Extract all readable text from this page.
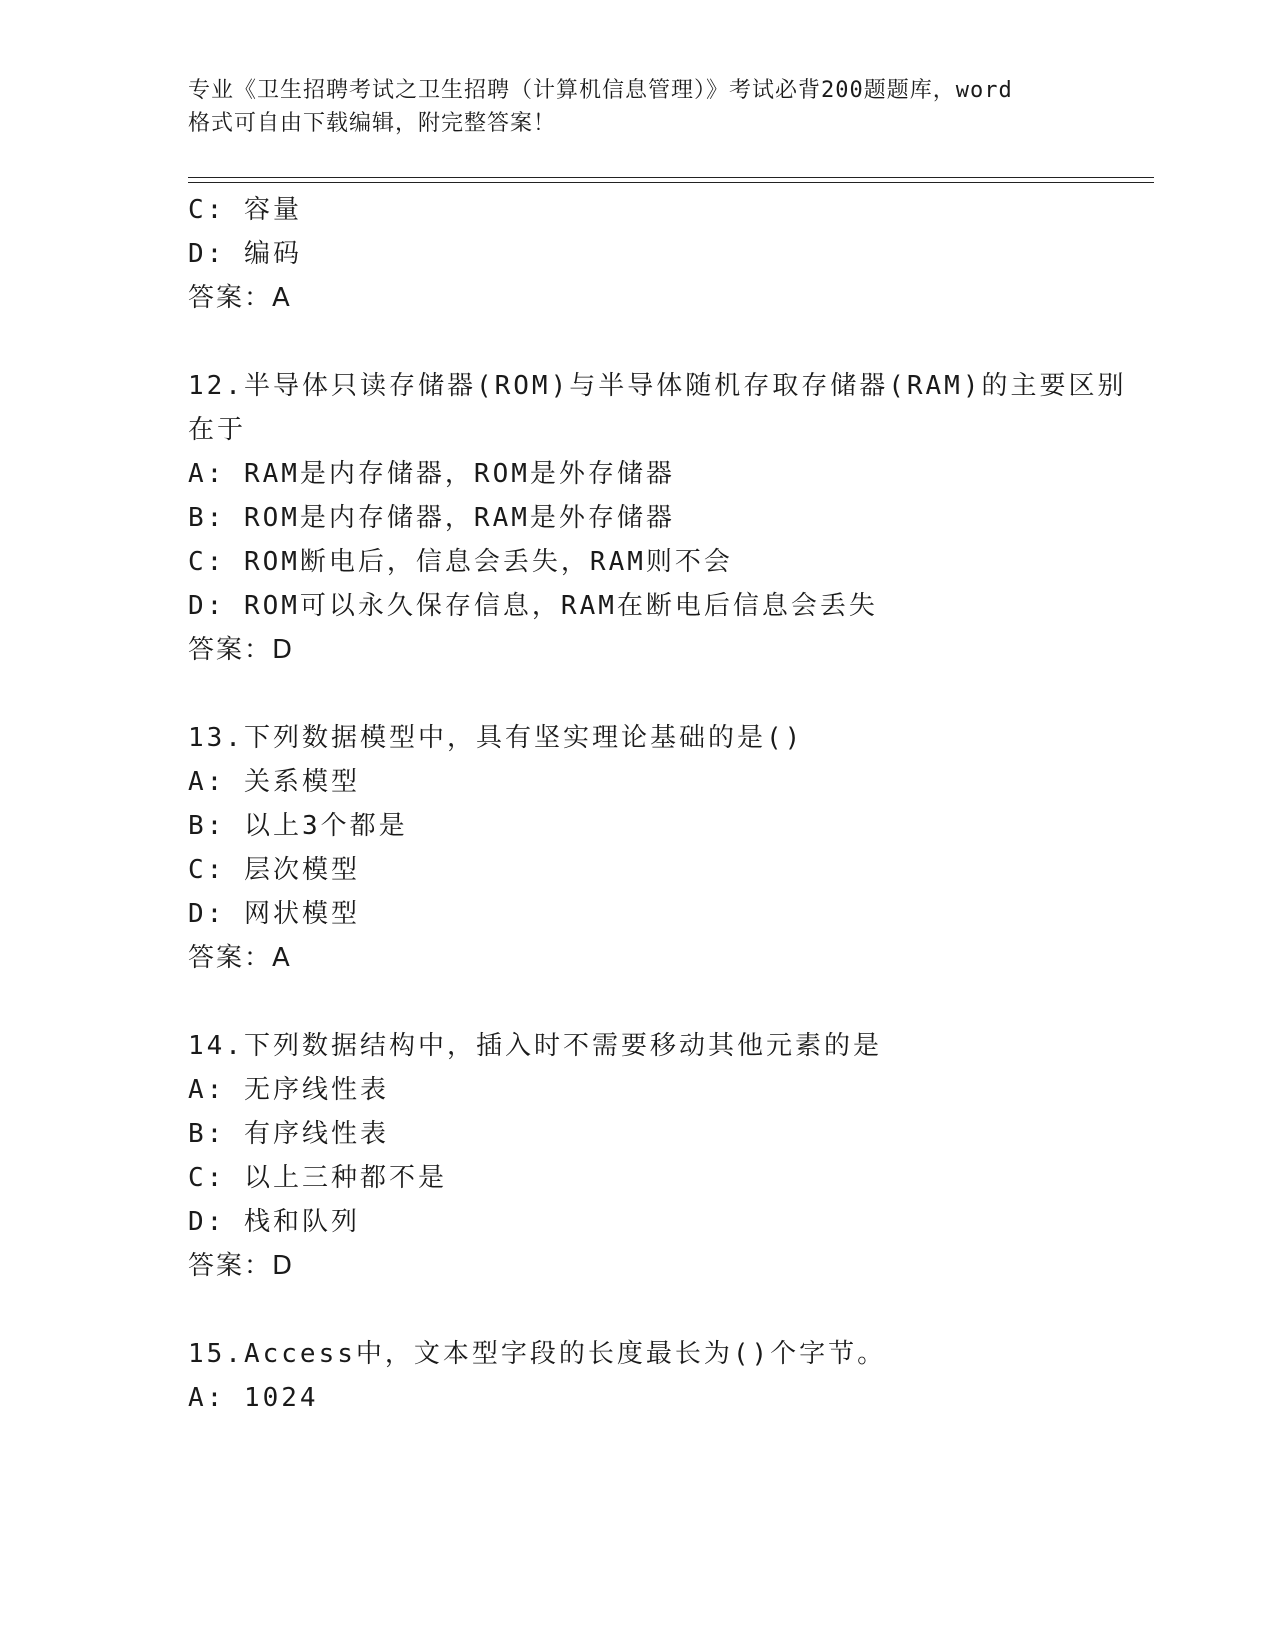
专业《卫生招聘考试之卫生招聘（计算机信息管理）》考试必背200题题库，word
格式可自由下载编辑，附完整答案！
C: 容量
D: 编码
答案：A
12.半导体只读存储器(ROM)与半导体随机存取存储器(RAM)的主要区别
在于
A: RAM是内存储器，ROM是外存储器
B: ROM是内存储器，RAM是外存储器
C: ROM断电后，信息会丢失，RAM则不会
D: ROM可以永久保存信息，RAM在断电后信息会丢失
答案：D
13.下列数据模型中，具有坚实理论基础的是()
A: 关系模型
B: 以上3个都是
C: 层次模型
D: 网状模型
答案：A
14.下列数据结构中，插入时不需要移动其他元素的是
A: 无序线性表
B: 有序线性表
C: 以上三种都不是
D: 栈和队列
答案：D
15.Access中，文本型字段的长度最长为()个字节。
A: 1024
